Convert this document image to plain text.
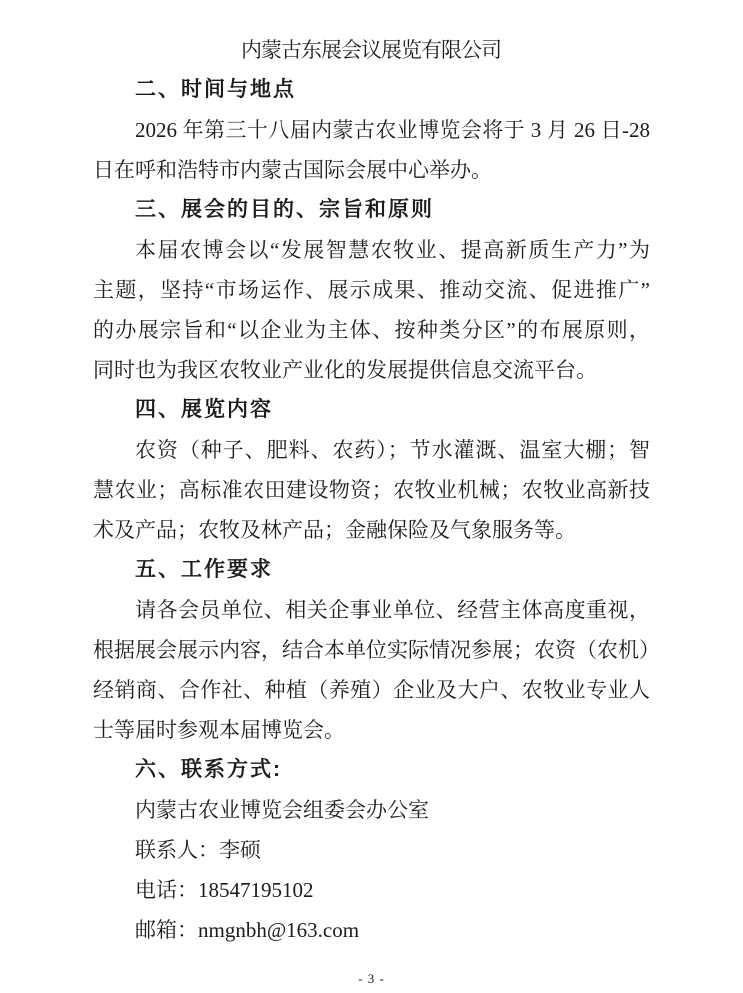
内蒙古东展会议展览有限公司
二、时间与地点
2026 年第三十八届内蒙古农业博览会将于 3 月 26 日-28
日在呼和浩特市内蒙古国际会展中心举办。
三、展会的目的、宗旨和原则
本届农博会以“发展智慧农牧业、提高新质生产力”为
主题，坚持“市场运作、展示成果、推动交流、促进推广”
的办展宗旨和“以企业为主体、按种类分区”的布展原则，
同时也为我区农牧业产业化的发展提供信息交流平台。
四、展览内容
农资（种子、肥料、农药）；节水灌溉、温室大棚；智
慧农业；高标准农田建设物资；农牧业机械；农牧业高新技
术及产品；农牧及林产品；金融保险及气象服务等。
五、工作要求
请各会员单位、相关企事业单位、经营主体高度重视，
根据展会展示内容，结合本单位实际情况参展；农资（农机）
经销商、合作社、种植（养殖）企业及大户、农牧业专业人
士等届时参观本届博览会。
六、联系方式:
内蒙古农业博览会组委会办公室
联系人：李硕
电话：18547195102
邮箱：nmgnbh@163.com
- 3 -
